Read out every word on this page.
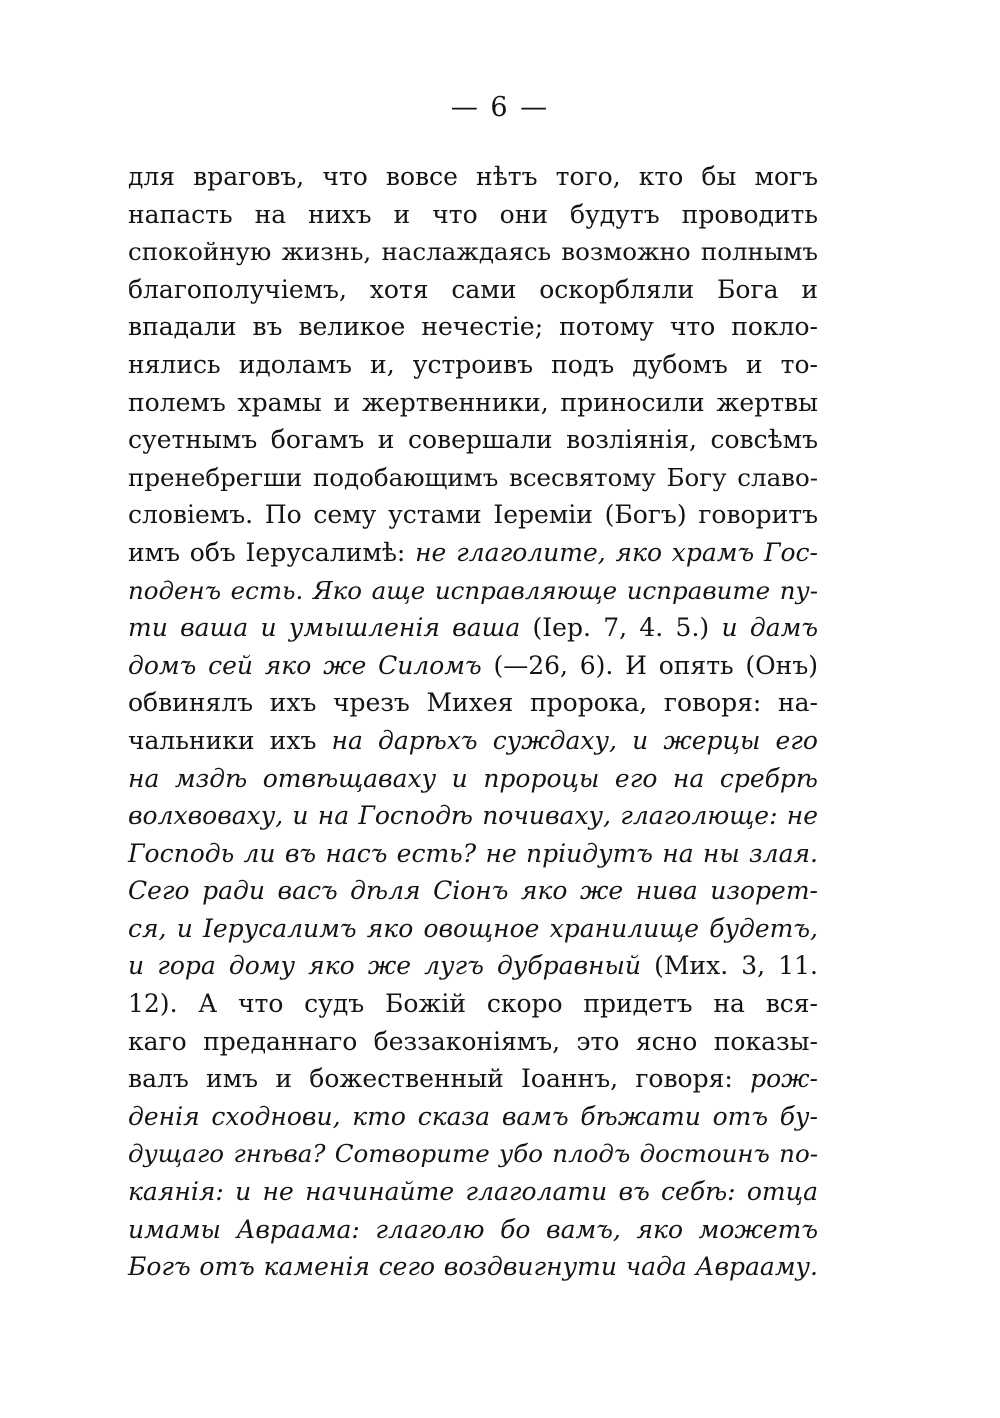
— 6 —
для враговъ, что вовсе нѣтъ того, кто бы могъ
напасть на нихъ и что они будутъ проводить
спокойную жизнь, наслаждаясь возможно полнымъ
благополучіемъ, хотя сами оскорбляли Бога и
впадали въ великое нечестіе; потому что покло-
нялись идоламъ и, устроивъ подъ дубомъ и то-
полемъ храмы и жертвенники, приносили жертвы
суетнымъ богамъ и совершали возліянія, совсѣмъ
пренебрегши подобающимъ всесвятому Богу славо-
словіемъ. По сему устами Іереміи (Богъ) говоритъ
имъ объ Іерусалимѣ: не глаголите, яко храмъ Гос-
поденъ есть. Яко аще исправляюще исправите пу-
ти ваша и умышленія ваша (Іер. 7, 4. 5.) и дамъ
домъ сей яко же Силомъ (—26, 6). И опять (Онъ)
обвинялъ ихъ чрезъ Михея пророка, говоря: на-
чальники ихъ на дарѣхъ суждаху, и жерцы его
на мздѣ отвѣщаваху и пророцы его на сребрѣ
волхвоваху, и на Господѣ почиваху, глаголюще: не
Господь ли въ насъ есть? не пріидутъ на ны злая.
Сего ради васъ дѣля Сіонъ яко же нива изорет-
ся, и Іерусалимъ яко овощное хранилище будетъ,
и гора дому яко же лугъ дубравный (Мих. 3, 11.
12). А что судъ Божій скоро придетъ на вся-
каго преданнаго беззаконіямъ, это ясно показы-
валъ имъ и божественный Іоаннъ, говоря: рож-
денія сходнови, кто сказа вамъ бѣжати отъ бу-
дущаго гнѣва? Сотворите убо плодъ достоинъ по-
каянія: и не начинайте глаголати въ себѣ: отца
имамы Авраама: глаголю бо вамъ, яко можетъ
Богъ отъ каменія сего воздвигнути чада Аврааму.
